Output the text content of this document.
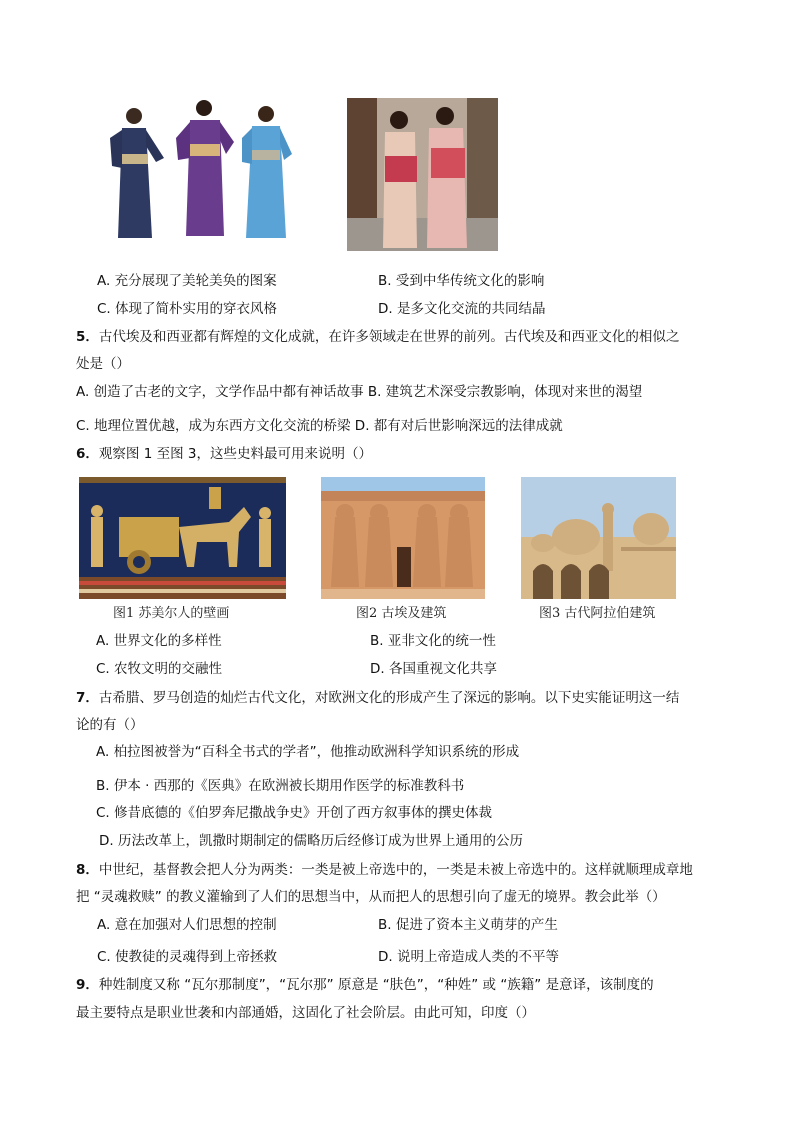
A. 充分展现了美轮美奂的图案	B. 受到中华传统文化的影响
C. 体现了简朴实用的穿衣风格	D. 是多文化交流的共同结晶
5．古代埃及和西亚都有辉煌的文化成就，在许多领域走在世界的前列。古代埃及和西亚文化的相似之
处是（）
A. 创造了古老的文字，文学作品中都有神话故事 B. 建筑艺术深受宗教影响，体现对来世的渴望
C. 地理位置优越，成为东西方文化交流的桥梁 D. 都有对后世影响深远的法律成就
6．观察图 1 至图 3，这些史料最可用来说明（）
图1 苏美尔人的壁画	图2 古埃及建筑	图3 古代阿拉伯建筑
A. 世界文化的多样性	B. 亚非文化的统一性
C. 农牧文明的交融性	D. 各国重视文化共享
7．古希腊、罗马创造的灿烂古代文化，对欧洲文化的形成产生了深远的影响。以下史实能证明这一结
论的有（）
A. 柏拉图被誉为“百科全书式的学者”，他推动欧洲科学知识系统的形成
B. 伊本 · 西那的《医典》在欧洲被长期用作医学的标准教科书
C. 修昔底德的《伯罗奔尼撒战争史》开创了西方叙事体的撰史体裁
D. 历法改革上，凯撒时期制定的儒略历后经修订成为世界上通用的公历
8．中世纪，基督教会把人分为两类：一类是被上帝选中的，一类是未被上帝选中的。这样就顺理成章地
把 “灵魂救赎” 的教义灌输到了人们的思想当中，从而把人的思想引向了虚无的境界。教会此举（）
A. 意在加强对人们思想的控制	B. 促进了资本主义萌芽的产生
C. 使教徒的灵魂得到上帝拯救	D. 说明上帝造成人类的不平等
9．种姓制度又称 “瓦尔那制度”，“瓦尔那” 原意是 “肤色”，“种姓” 或 “族籍” 是意译，该制度的
最主要特点是职业世袭和内部通婚，这固化了社会阶层。由此可知，印度（）
